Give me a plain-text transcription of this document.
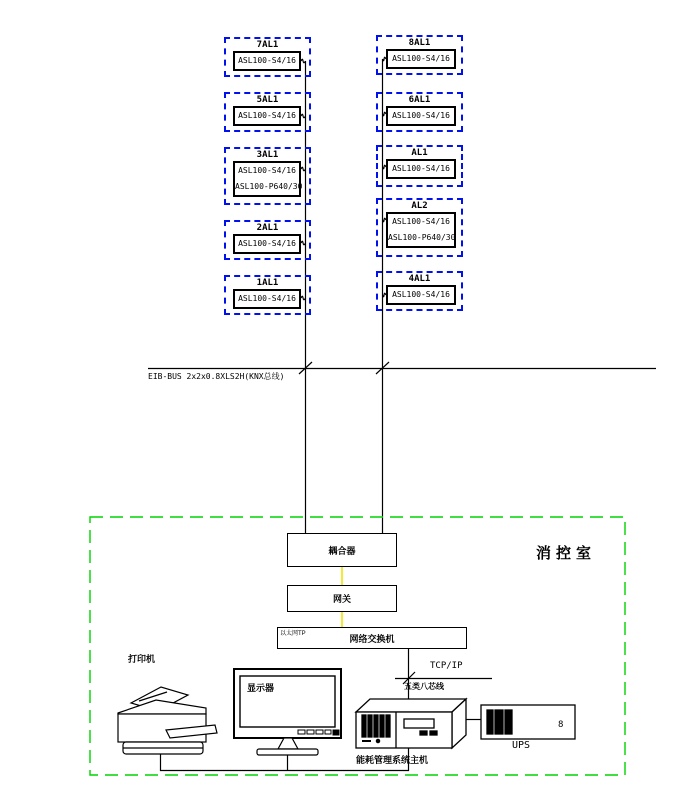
7AL1
ASL100-S4/16
5AL1
ASL100-S4/16
3AL1
ASL100-S4/16
ASL100-P640/30
2AL1
ASL100-S4/16
1AL1
ASL100-S4/16
8AL1
ASL100-S4/16
6AL1
ASL100-S4/16
AL1
ASL100-S4/16
AL2
ASL100-S4/16
ASL100-P640/30
4AL1
ASL100-S4/16
EIB-BUS 2x2x0.8XLS2H(KNX总线)
消控室
耦合器
网关
网络交换机
以太网TP
TCP/IP
五类八芯线
打印机
显示器
能耗管理系统主机
8
UPS
